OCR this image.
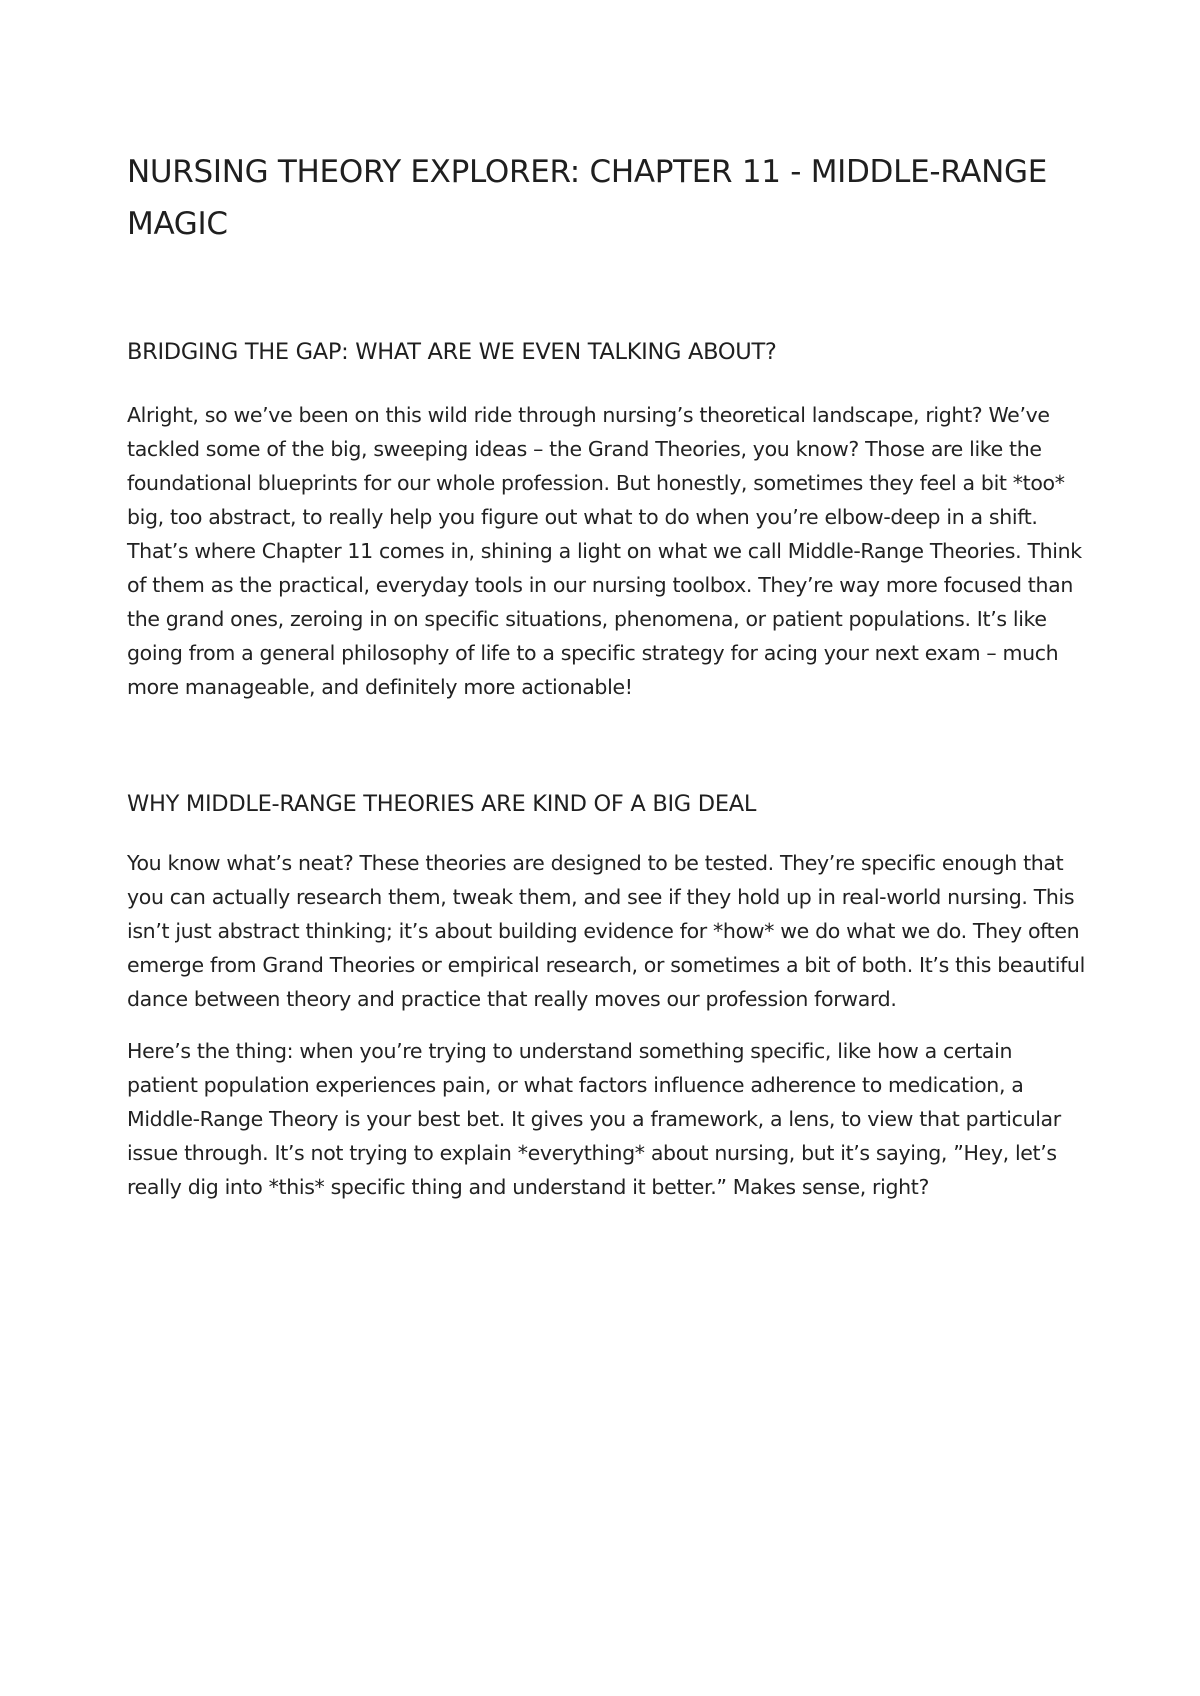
NURSING THEORY EXPLORER: CHAPTER 11 - MIDDLE-RANGE MAGIC
BRIDGING THE GAP: WHAT ARE WE EVEN TALKING ABOUT?

Alright, so we’ve been on this wild ride through nursing’s theoretical landscape, right? We’ve tackled some of the big, sweeping ideas – the Grand Theories, you know? Those are like the foundational blueprints for our whole profession. But honestly, sometimes they feel a bit *too* big, too abstract, to really help you figure out what to do when you’re elbow-deep in a shift. That’s where Chapter 11 comes in, shining a light on what we call Middle-Range Theories. Think of them as the practical, everyday tools in our nursing toolbox. They’re way more focused than the grand ones, zeroing in on specific situations, phenomena, or patient populations. It’s like going from a general philosophy of life to a specific strategy for acing your next exam – much more manageable, and definitely more actionable!

WHY MIDDLE-RANGE THEORIES ARE KIND OF A BIG DEAL

You know what’s neat? These theories are designed to be tested. They’re specific enough that you can actually research them, tweak them, and see if they hold up in real-world nursing. This isn’t just abstract thinking; it’s about building evidence for *how* we do what we do. They often emerge from Grand Theories or empirical research, or sometimes a bit of both. It’s this beautiful dance between theory and practice that really moves our profession forward.

Here’s the thing: when you’re trying to understand something specific, like how a certain patient population experiences pain, or what factors influence adherence to medication, a Middle-Range Theory is your best bet. It gives you a framework, a lens, to view that particular issue through. It’s not trying to explain *everything* about nursing, but it’s saying, ”Hey, let’s really dig into *this* specific thing and understand it better.” Makes sense, right?
